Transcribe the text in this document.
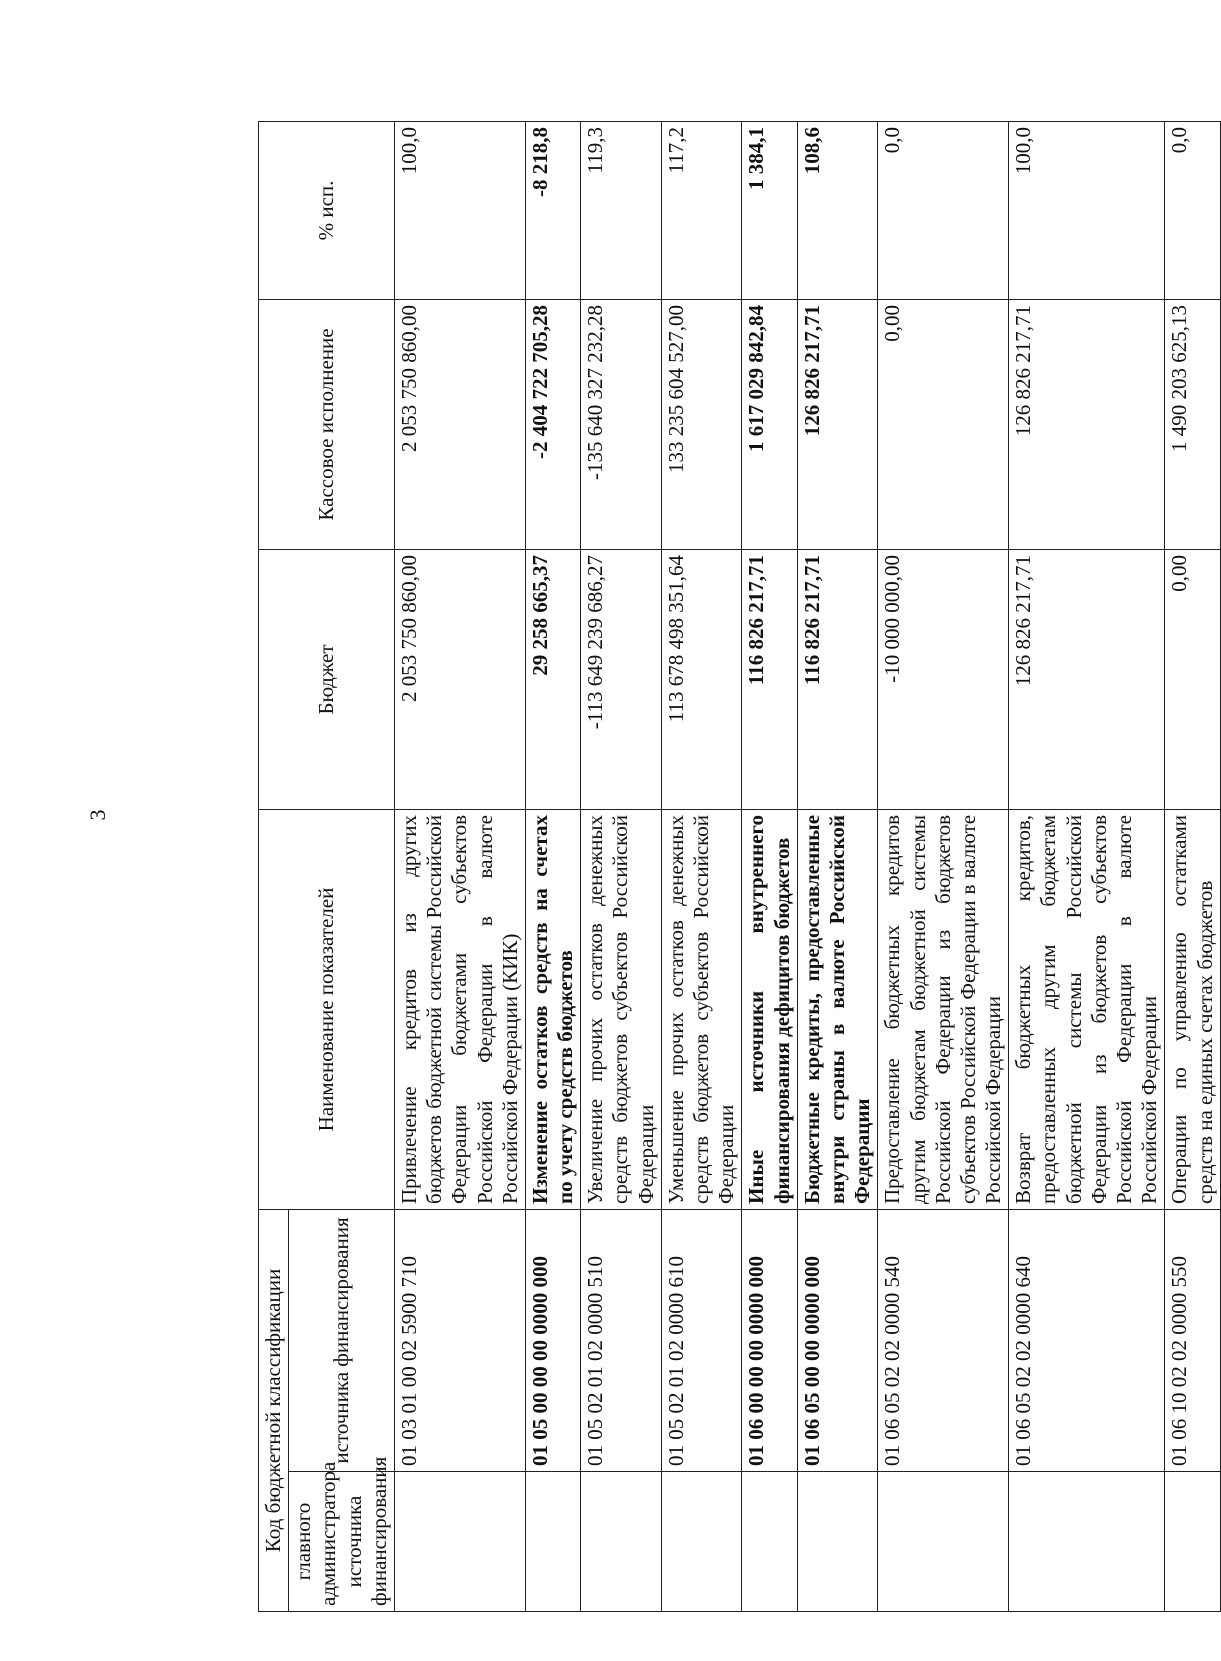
3
Код бюджетной классификации		Наименование показателей	Бюджет	Кассовое исполнение	% исп.
главного администратора источника финансирования	источника финансирования				
	01 03 01 00 02 5900 710	Привлечение кредитов из других бюджетов бюджетной системы Российской Федерации бюджетами субъектов Российской Федерации в валюте Российской Федерации (КИК)	2 053 750 860,00	2 053 750 860,00	100,0
	01 05 00 00 00 0000 000	Изменение остатков средств на счетах по учету средств бюджетов	29 258 665,37	-2 404 722 705,28	-8 218,8
	01 05 02 01 02 0000 510	Увеличение прочих остатков денежных средств бюджетов субъектов Российской Федерации	-113 649 239 686,27	-135 640 327 232,28	119,3
	01 05 02 01 02 0000 610	Уменьшение прочих остатков денежных средств бюджетов субъектов Российской Федерации	113 678 498 351,64	133 235 604 527,00	117,2
	01 06 00 00 00 0000 000	Иные источники внутреннего финансирования дефицитов бюджетов	116 826 217,71	1 617 029 842,84	1 384,1
	01 06 05 00 00 0000 000	Бюджетные кредиты, предоставленные внутри страны в валюте Российской Федерации	116 826 217,71	126 826 217,71	108,6
	01 06 05 02 02 0000 540	Предоставление бюджетных кредитов другим бюджетам бюджетной системы Российской Федерации из бюджетов субъектов Российской Федерации в валюте Российской Федерации	-10 000 000,00	0,00	0,0
	01 06 05 02 02 0000 640	Возврат бюджетных кредитов, предоставленных другим бюджетам бюджетной системы Российской Федерации из бюджетов субъектов Российской Федерации в валюте Российской Федерации	126 826 217,71	126 826 217,71	100,0
	01 06 10 02 02 0000 550	Операции по управлению остатками средств на единых счетах бюджетов	0,00	1 490 203 625,13	0,0
